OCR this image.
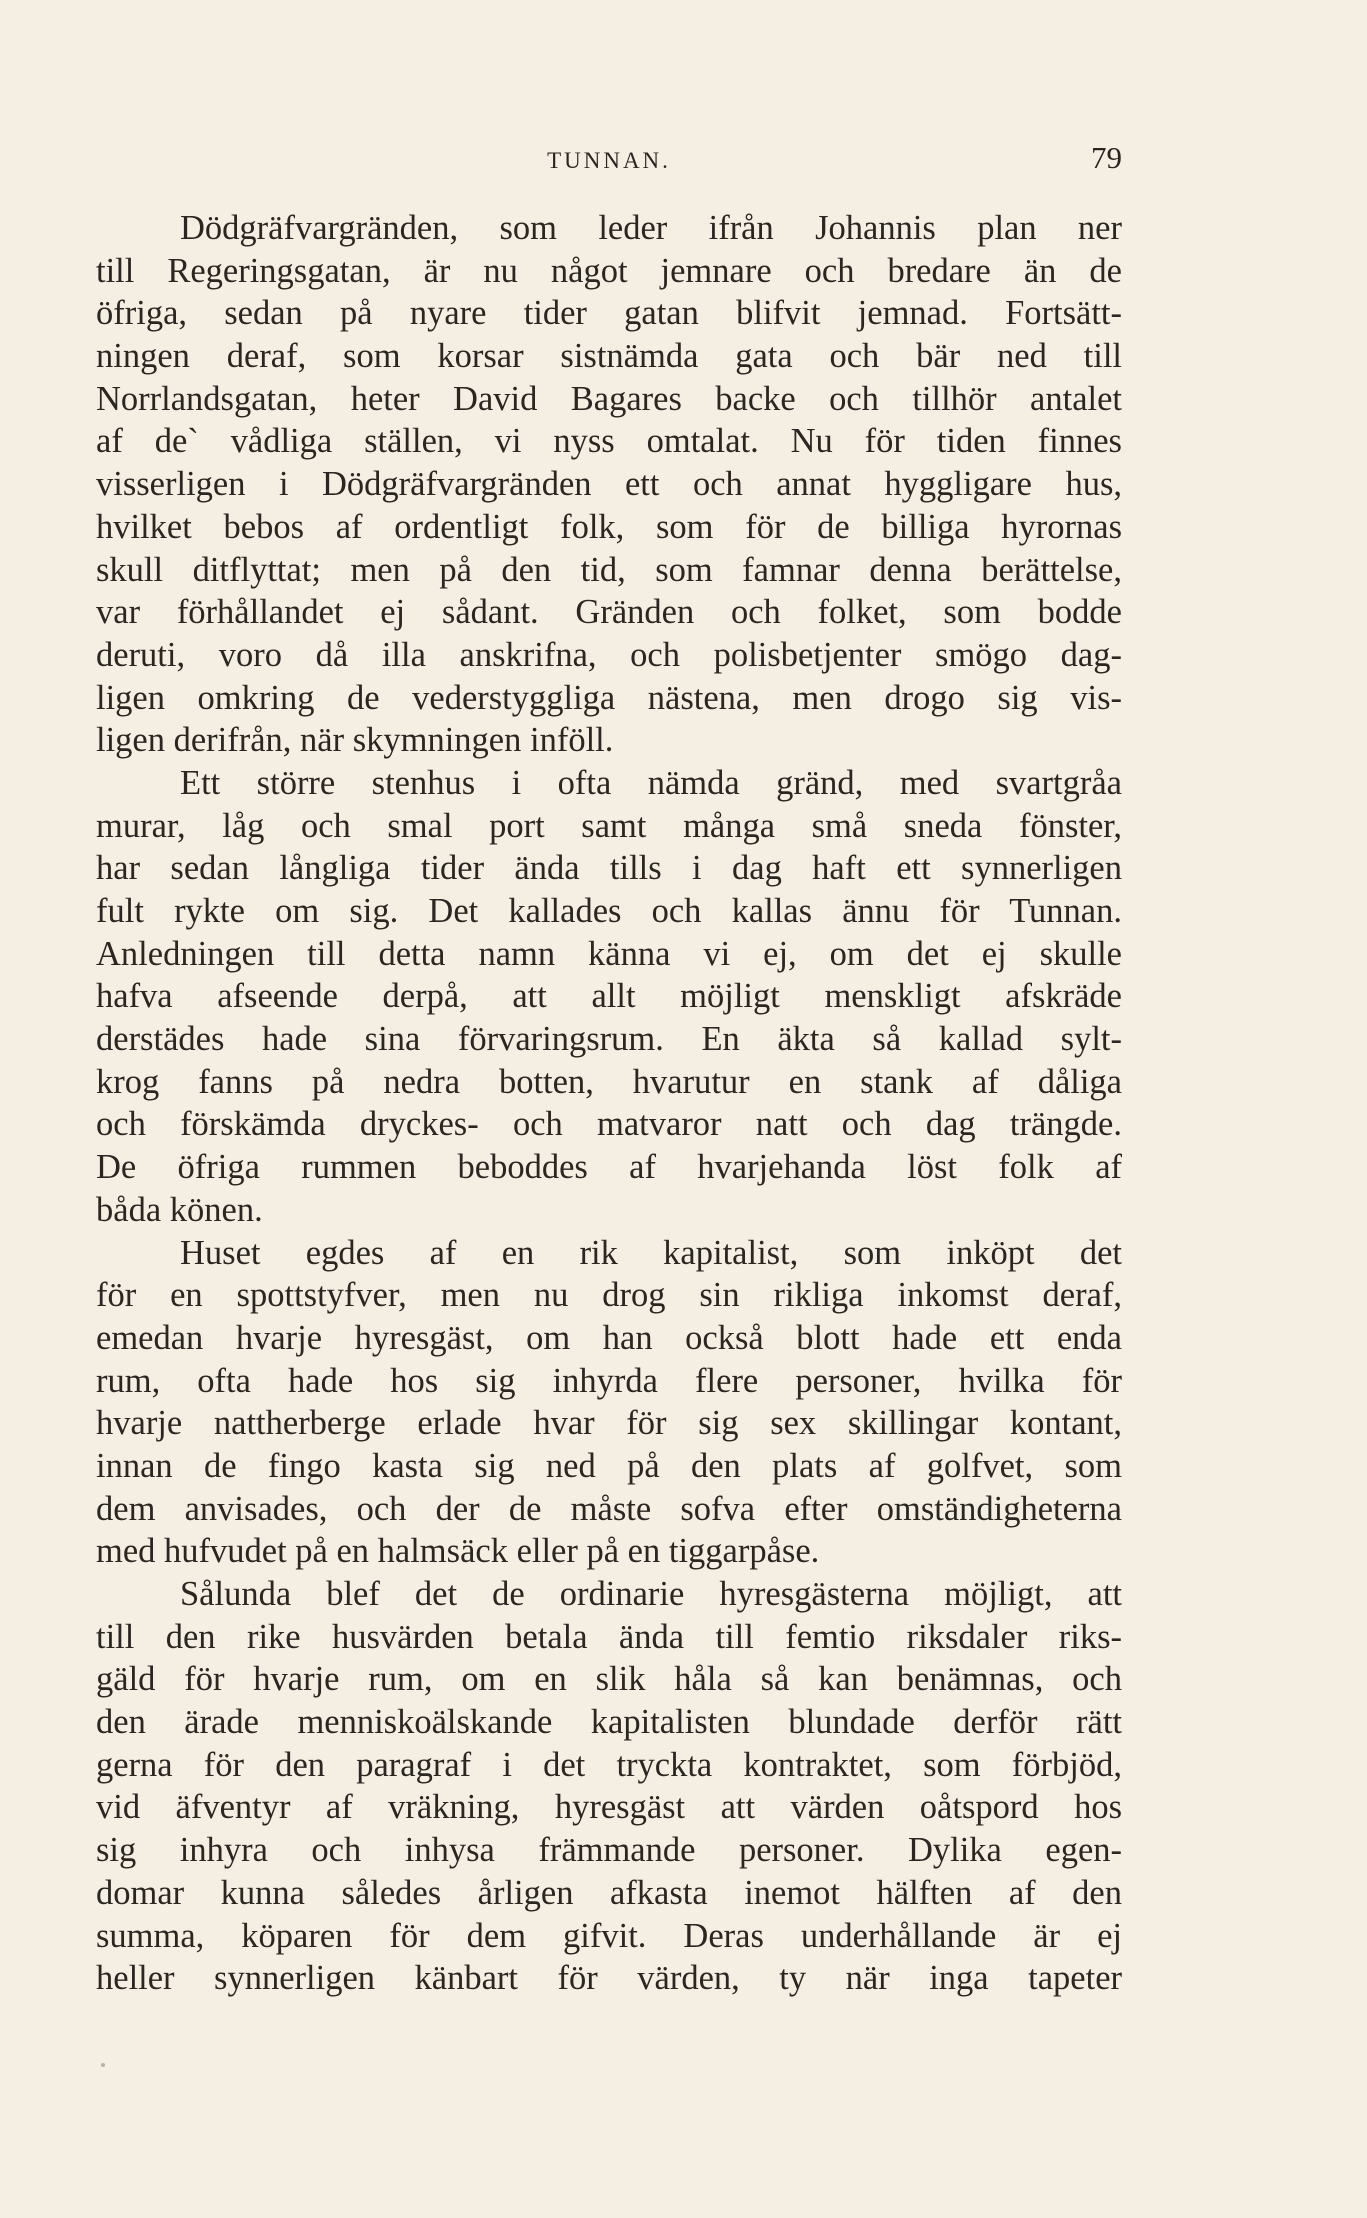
TUNNAN.	79
Dödgräfvargränden, som leder ifrån Johannis plan ner
till Regeringsgatan, är nu något jemnare och bredare än de
öfriga, sedan på nyare tider gatan blifvit jemnad. Fortsätt-
ningen deraf, som korsar sistnämda gata och bär ned till
Norrlandsgatan, heter David Bagares backe och tillhör antalet
af de` vådliga ställen, vi nyss omtalat. Nu för tiden finnes
visserligen i Dödgräfvargränden ett och annat hyggligare hus,
hvilket bebos af ordentligt folk, som för de billiga hyrornas
skull ditflyttat; men på den tid, som famnar denna berättelse,
var förhållandet ej sådant. Gränden och folket, som bodde
deruti, voro då illa anskrifna, och polisbetjenter smögo dag-
ligen omkring de vederstyggliga nästena, men drogo sig vis-
ligen derifrån, när skymningen inföll.
Ett större stenhus i ofta nämda gränd, med svartgråa
murar, låg och smal port samt många små sneda fönster,
har sedan långliga tider ända tills i dag haft ett synnerligen
fult rykte om sig. Det kallades och kallas ännu för Tunnan.
Anledningen till detta namn känna vi ej, om det ej skulle
hafva afseende derpå, att allt möjligt menskligt afskräde
derstädes hade sina förvaringsrum. En äkta så kallad sylt-
krog fanns på nedra botten, hvarutur en stank af dåliga
och förskämda dryckes- och matvaror natt och dag trängde.
De öfriga rummen beboddes af hvarjehanda löst folk af
båda könen.
Huset egdes af en rik kapitalist, som inköpt det
för en spottstyfver, men nu drog sin rikliga inkomst deraf,
emedan hvarje hyresgäst, om han också blott hade ett enda
rum, ofta hade hos sig inhyrda flere personer, hvilka för
hvarje nattherberge erlade hvar för sig sex skillingar kontant,
innan de fingo kasta sig ned på den plats af golfvet, som
dem anvisades, och der de måste sofva efter omständigheterna
med hufvudet på en halmsäck eller på en tiggarpåse.
Sålunda blef det de ordinarie hyresgästerna möjligt, att
till den rike husvärden betala ända till femtio riksdaler riks-
gäld för hvarje rum, om en slik håla så kan benämnas, och
den ärade menniskoälskande kapitalisten blundade derför rätt
gerna för den paragraf i det tryckta kontraktet, som förbjöd,
vid äfventyr af vräkning, hyresgäst att värden oåtspord hos
sig inhyra och inhysa främmande personer. Dylika egen-
domar kunna således årligen afkasta inemot hälften af den
summa, köparen för dem gifvit. Deras underhållande är ej
heller synnerligen känbart för värden, ty när inga tapeter
